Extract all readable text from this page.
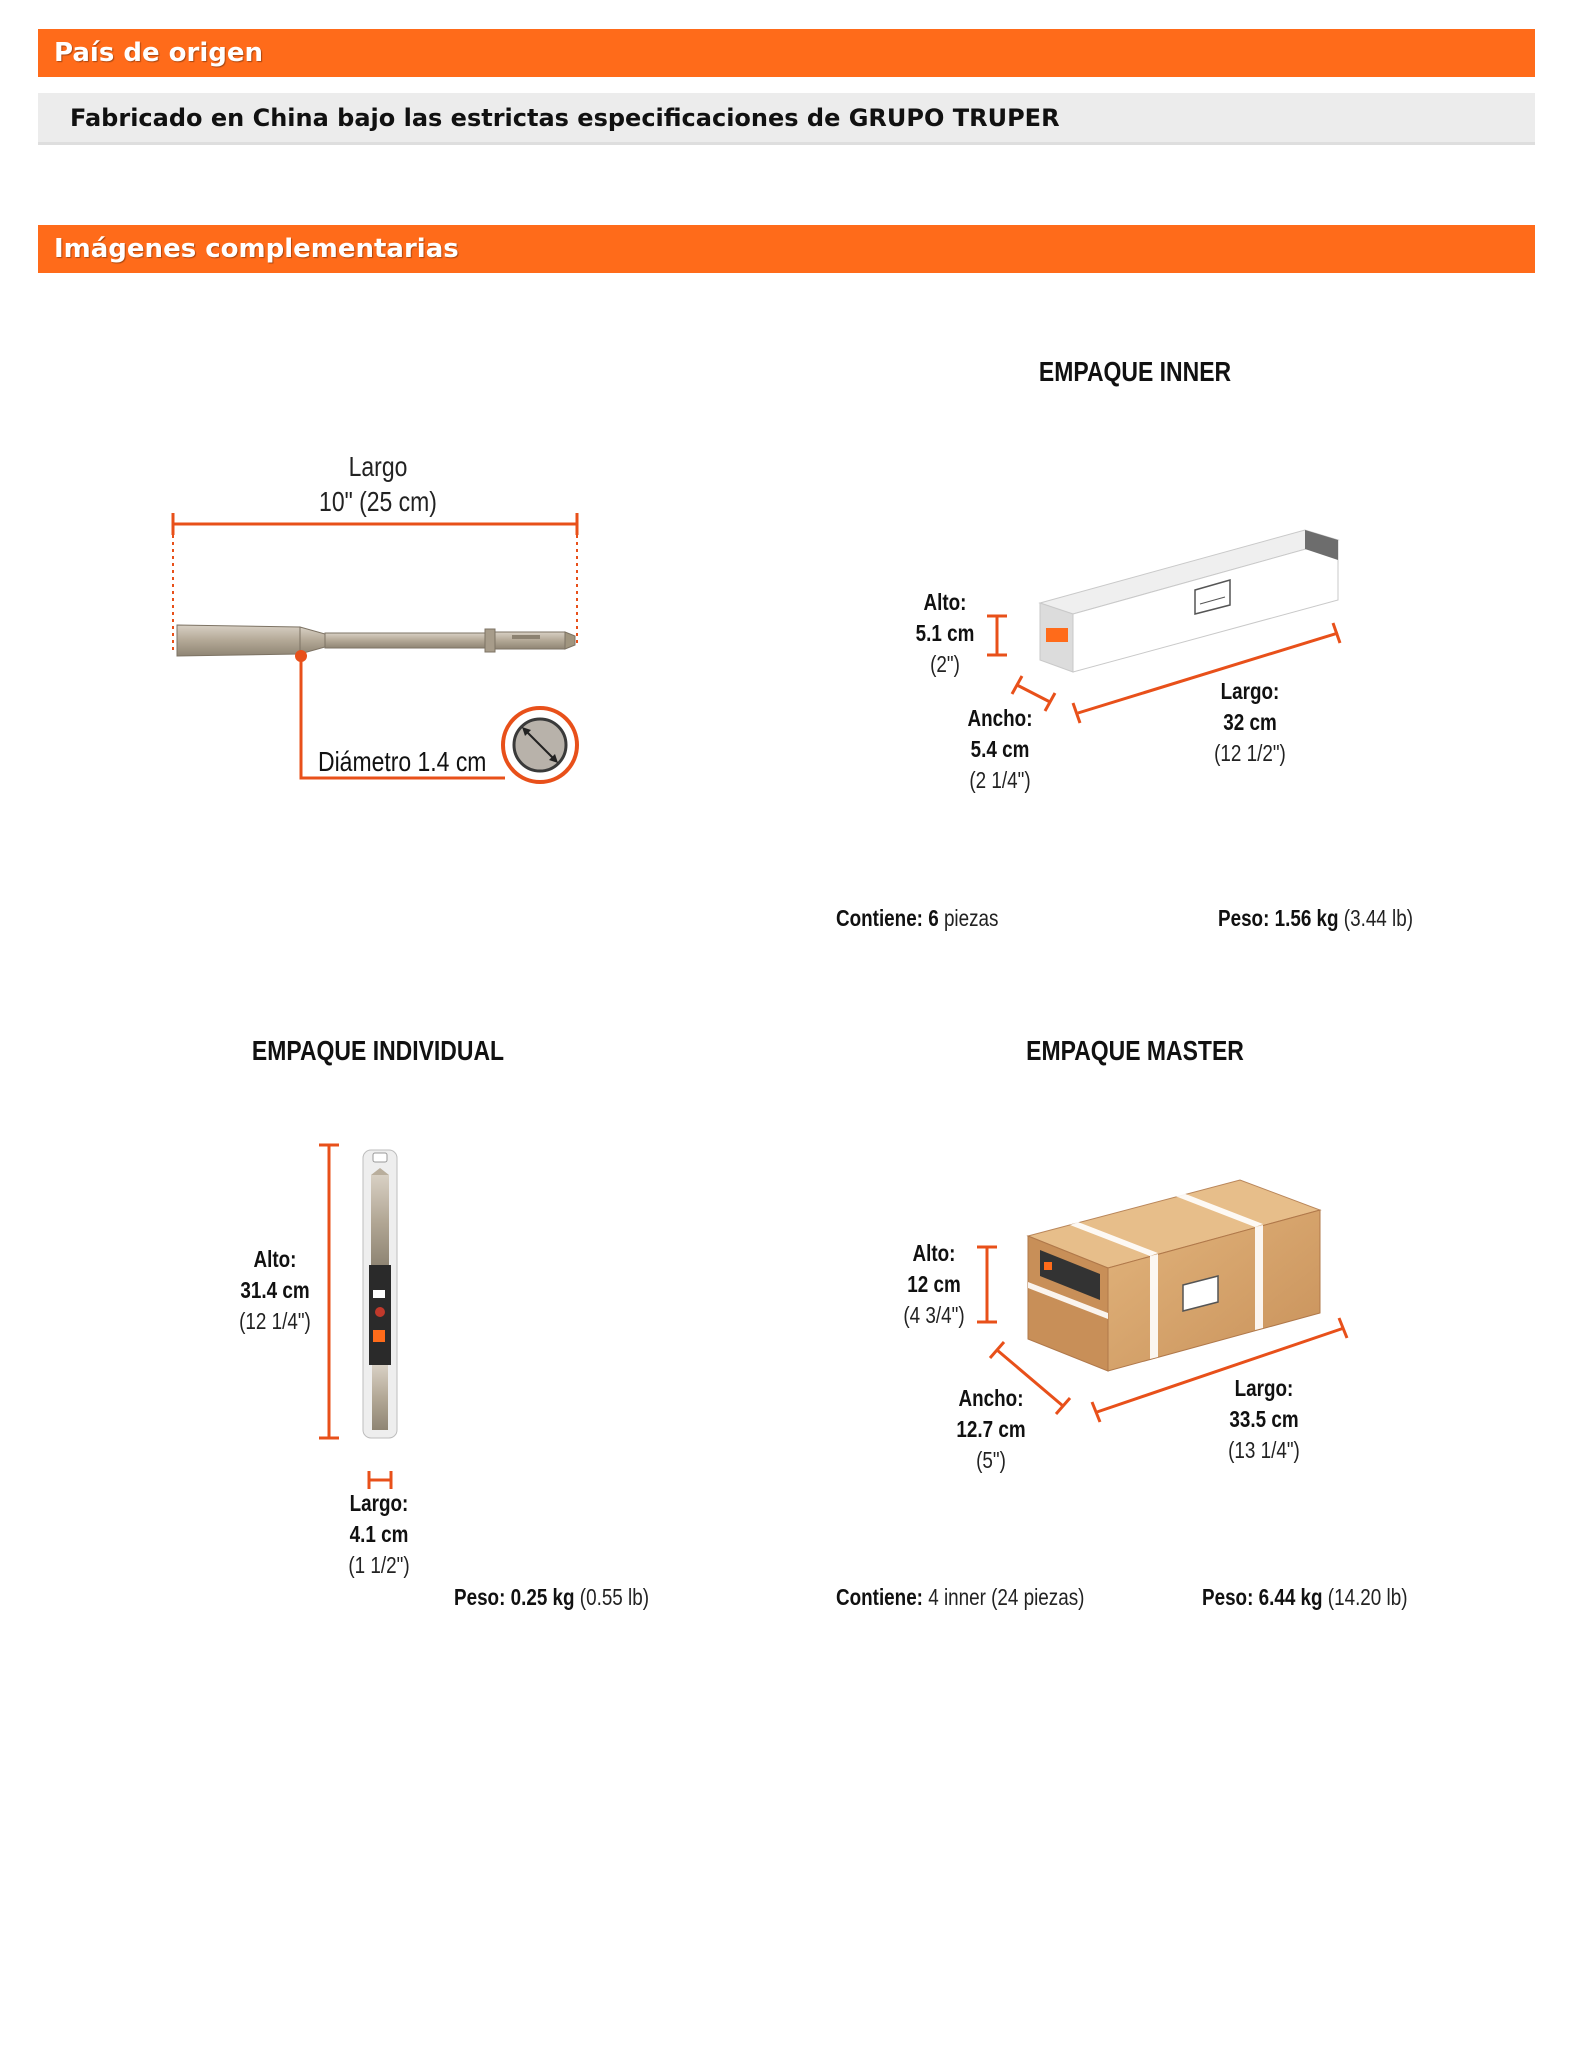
País de origen
Fabricado en China bajo las estrictas especificaciones de GRUPO TRUPER
Imágenes complementarias
Largo
10" (25 cm)
Diámetro 1.4 cm
EMPAQUE INNER
Alto:
5.1 cm
(2")
Ancho:
5.4 cm
(2 1/4")
Largo:
32 cm
(12 1/2")
Contiene: 6 piezas	Peso: 1.56 kg (3.44 lb)
EMPAQUE INDIVIDUAL
Alto:
31.4 cm
(12 1/4")
Largo:
4.1 cm
(1 1/2")
Peso: 0.25 kg (0.55 lb)
EMPAQUE MASTER
Alto:
12 cm
(4 3/4")
Ancho:
12.7 cm
(5")
Largo:
33.5 cm
(13 1/4")
Contiene: 4 inner (24 piezas)	Peso: 6.44 kg (14.20 lb)
